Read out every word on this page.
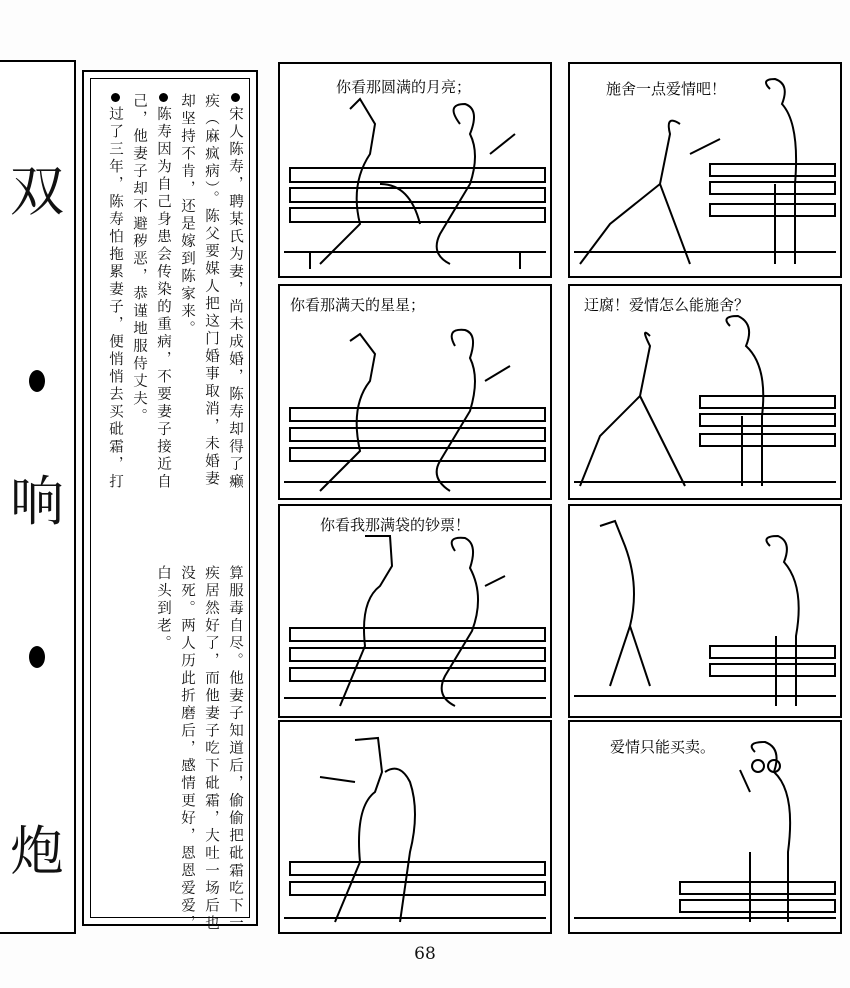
双
响
炮
宋人陈寿，聘某氏为妻，尚未成婚，陈寿却得了癞
疾（麻疯病）。陈父要媒人把这门婚事取消，未婚妻
却坚持不肯，还是嫁到陈家来。
陈寿因为自己身患会传染的重病，不要妻子接近自
己，他妻子却不避秽恶，恭谨地服侍丈夫。
过了三年，陈寿怕拖累妻子，便悄悄去买砒霜，打
算服毒自尽。他妻子知道后，偷偷把砒霜吃下一
疾居然好了，而他妻子吃下砒霜，大吐一场后也
没死。两人历此折磨后，感情更好，恩恩爱爱，
白头到老。
你看那圆满的月亮；	施舍一点爱情吧！
你看那满天的星星；	迂腐！爱情怎么能施舍？
你看我那满袋的钞票！
爱情只能买卖。
68
